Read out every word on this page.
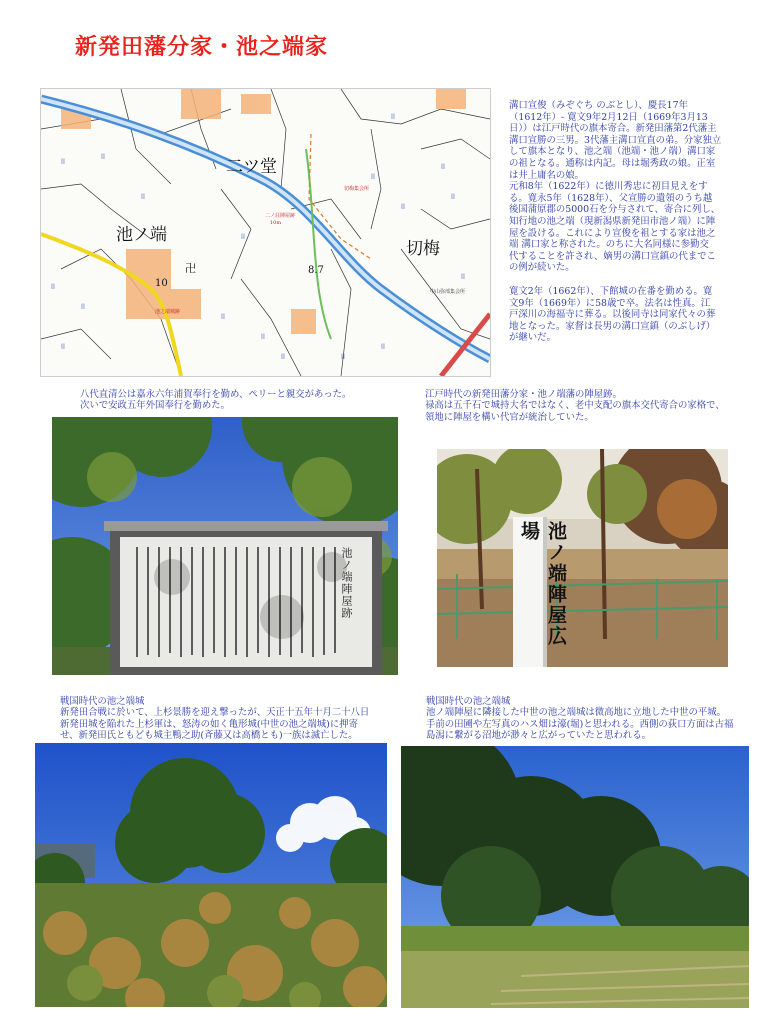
新発田藩分家・池之端家
ll
ll
ll
ll
ll
ll
ll
ll
ll
ll
ll
ll
ll
ll
ll
ll
ll
ll
二ツ堂
池ノ端
切梅
10
8.7
卍
中山弥部集会所
切梅集会所
10m
二ノ荘陣屋跡
池之端城跡

溝口宣俊（みぞぐち のぶとし）、慶長17年
（1612年）- 寛文9年2月12日（1669年3月13
日））は江戸時代の旗本寄合。新発田藩第2代藩主
溝口宣勝の三男。3代藩主溝口宣直の弟。分家独立
して旗本となり、池之端（池端・池ノ端）溝口家
の祖となる。通称は内記。母は堀秀政の娘。正室
は井上庸名の娘。
元和8年（1622年）に徳川秀忠に初目見えをす
る。寛永5年（1628年）、父宣勝の遺領のうち越
後国蒲原郡の5000石を分与されて、寄合に列し、
知行地の池之端（現新潟県新発田市池ノ端）に陣
屋を設ける。これにより宣俊を祖とする家は池之
端 溝口家と称された。のちに大名同様に参勤交
代することを許され、嫡男の溝口宣鎮の代までこ
の例が続いた。

寛文2年（1662年）、下館城の在番を勤める。寛
文9年（1669年）に58歳で卒。法名は性真。江
戸深川の海福寺に葬る。以後同寺は同家代々の葬
地となった。家督は長男の溝口宣鎮（のぶしげ）
が継いだ。

八代直清公は嘉永六年浦賀奉行を勤め、ペリーと親交があった。
次いで安政五年外国奉行を勤めた。

江戸時代の新発田藩分家・池ノ端藩の陣屋跡。
禄高は五千石で城持大名ではなく、老中支配の旗本交代寄合の家格で、
領地に陣屋を構い代官が統治していた。

池ノ端陣屋跡	池ノ端陣屋広場

戦国時代の池之端城
新発田合戦に於いて、上杉景勝を迎え撃ったが、天正十五年十月二十八日
新発田城を陥れた上杉軍は、怒涛の如く亀形城(中世の池之端城)に押寄
せ、新発田氏ともども城主鴨之助(斉藤又は高橋とも)一族は滅亡した。

戦国時代の池之端城
池ノ端陣屋に隣接した中世の池之端城は微高地に立地した中世の平城。
手前の田圃や左写真のハス畑は濠(堀)と思われる。西側の荻口方面は古福
島潟に繋がる沼地が渺々と広がっていたと思われる。
